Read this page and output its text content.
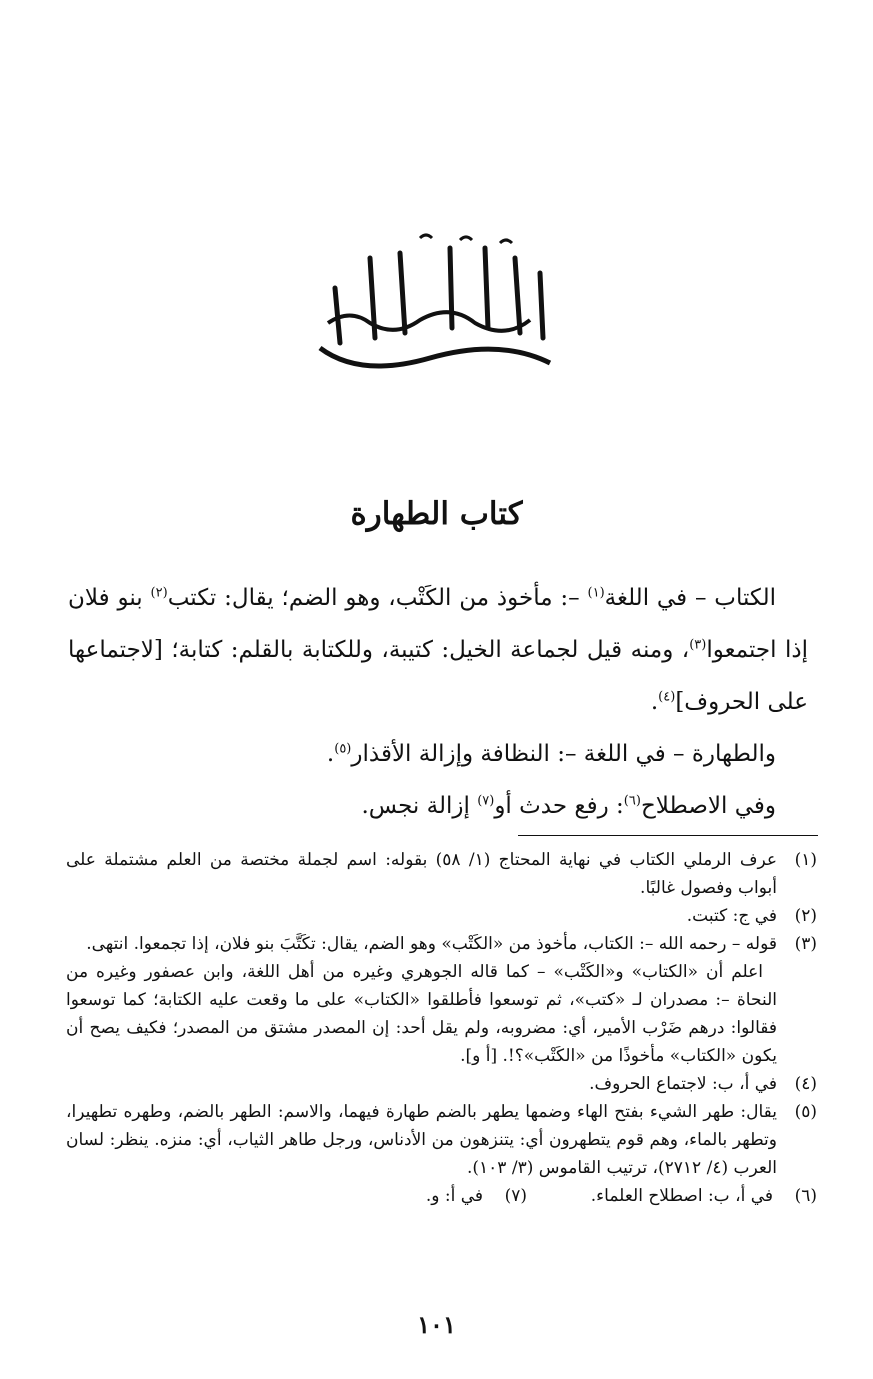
كتاب الطهارة

الكتاب – في اللغة$^{(١)}$ –: مأخوذ من الكَتْب، وهو الضم؛ يقال: تكتب$^{(٢)}$ بنو فلان إذا اجتمعوا$^{(٣)}$، ومنه قيل لجماعة الخيل: كتيبة، وللكتابة بالقلم: كتابة؛ [لاجتماعها على الحروف]$^{(٤)}$.

والطهارة – في اللغة –: النظافة وإزالة الأقذار$^{(٥)}$.

وفي الاصطلاح$^{(٦)}$: رفع حدث أو$^{(٧)}$ إزالة نجس.

(١)
عرف الرملي الكتاب في نهاية المحتاج (١/ ٥٨) بقوله: اسم لجملة مختصة من العلم مشتملة على أبواب وفصول غالبًا.
(٢)
في ج: كتبت.
(٣)
قوله – رحمه الله –: الكتاب، مأخوذ من «الكَتْب» وهو الضم، يقال: تكَتَّبَ بنو فلان، إذا تجمعوا. انتهى.
اعلم أن «الكتاب» و«الكَتْب» – كما قاله الجوهري وغيره من أهل اللغة، وابن عصفور وغيره من النحاة –: مصدران لـ «كتب»، ثم توسعوا فأطلقوا «الكتاب» على ما وقعت عليه الكتابة؛ كما توسعوا فقالوا: درهم ضَرْب الأمير، أي: مضروبه، ولم يقل أحد: إن المصدر مشتق من المصدر؛ فكيف يصح أن يكون «الكتاب» مأخوذًا من «الكَتْب»؟!. [أ و].
(٤)
في أ، ب: لاجتماع الحروف.
(٥)
يقال: طهر الشيء بفتح الهاء وضمها يطهر بالضم طهارة فيهما، والاسم: الطهر بالضم، وطهره تطهيرا، وتطهر بالماء، وهم قوم يتطهرون أي: يتنزهون من الأدناس، ورجل طاهر الثياب، أي: منزه. ينظر: لسان العرب (٤/ ٢٧١٢)، ترتيب القاموس (٣/ ١٠٣).
(٦)
في أ، ب: اصطلاح العلماء.
(٧)
في أ: و.
١٠١
